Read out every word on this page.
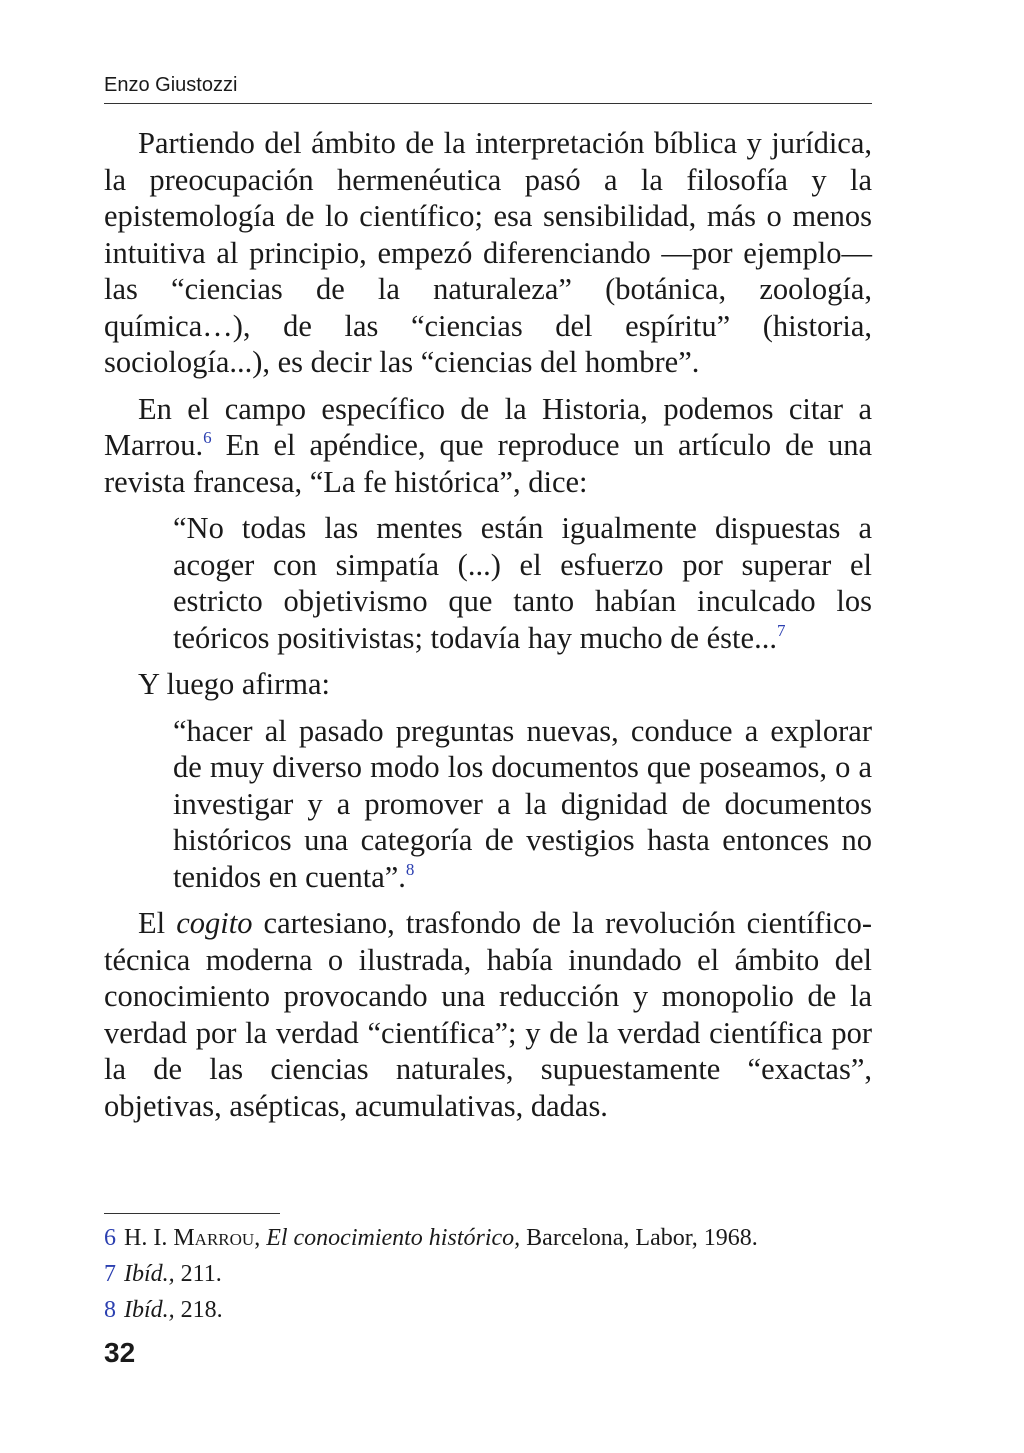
Enzo Giustozzi

Partiendo del ámbito de la interpretación bíblica y jurídica, la preocupación hermenéutica pasó a la filosofía y la epistemología de lo científico; esa sensibilidad, más o menos intuitiva al principio, empezó diferenciando —por ejemplo— las “ciencias de la naturaleza” (botánica, zoología, química…), de las “ciencias del espíritu” (historia, sociología...), es decir las “ciencias del hombre”.

En el campo específico de la Historia, podemos citar a Marrou.$^6$ En el apéndice, que reproduce un artículo de una revista francesa, “La fe histórica”, dice:

“No todas las mentes están igualmente dispuestas a acoger con simpatía (...) el esfuerzo por superar el estricto objetivismo que tanto habían inculcado los teóricos positivistas; todavía hay mucho de éste...$^7$

Y luego afirma:

“hacer al pasado preguntas nuevas, conduce a explorar de muy diverso modo los documentos que poseamos, o a investigar y a promover a la dignidad de documentos históricos una categoría de vestigios hasta entonces no tenidos en cuenta”.$^8$

El cogito cartesiano, trasfondo de la revolución científico-técnica moderna o ilustrada, había inundado el ámbito del conocimiento provocando una reducción y monopolio de la verdad por la verdad “científica”; y de la verdad científica por la de las ciencias naturales, supuestamente “exactas”, objetivas, asépticas, acumulativas, dadas.

6 H. I. Marrou, El conocimiento histórico, Barcelona, Labor, 1968.
7 Ibíd., 211.
8 Ibíd., 218.
32
